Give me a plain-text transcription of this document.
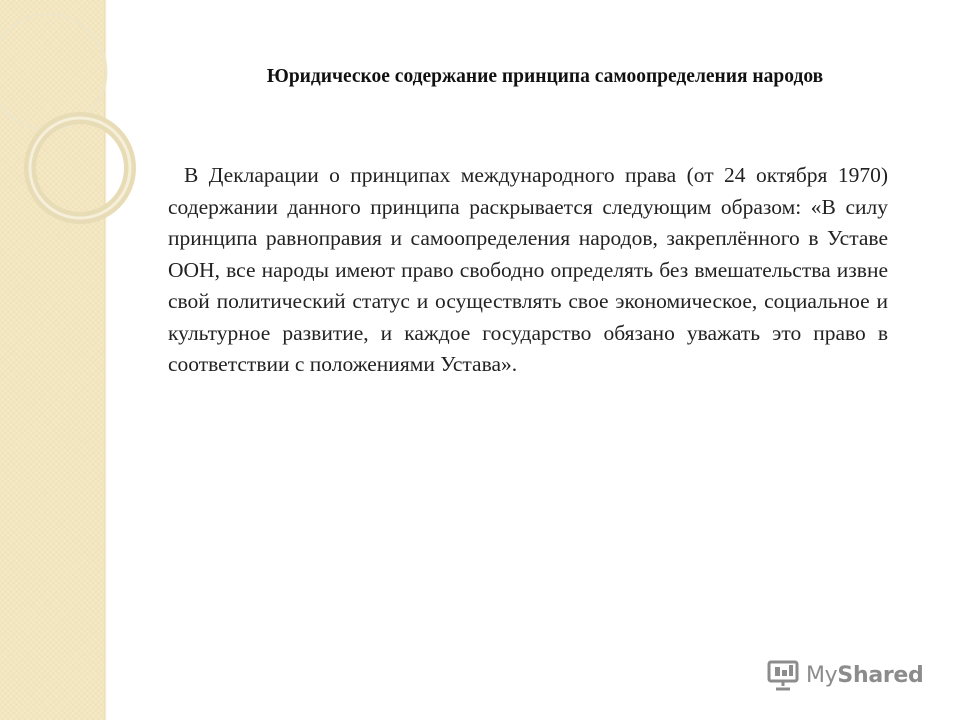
Юридическое содержание принципа самоопределения народов

В Декларации о принципах международного права (от 24 октября 1970) содержании данного принципа раскрывается следующим образом: «В силу принципа равноправия и самоопределения народов, закреплённого в Уставе ООН, все народы имеют право свободно определять без вмешательства извне свой политический статус и осуществлять свое экономическое, социальное и культурное развитие, и каждое государство обязано уважать это право в соответствии с положениями Устава».

MyShared
